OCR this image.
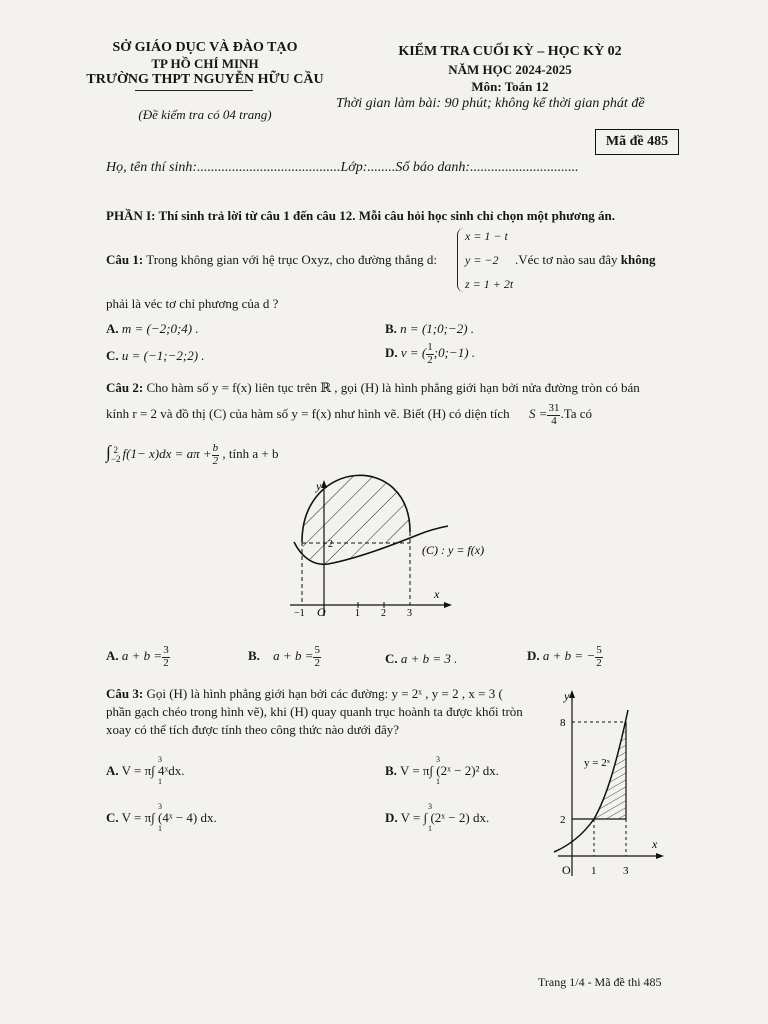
SỞ GIÁO DỤC VÀ ĐÀO TẠO
TP HỒ CHÍ MINH
TRƯỜNG THPT NGUYỄN HỮU CẦU
(Đề kiểm tra có 04 trang)
KIỂM TRA CUỐI KỲ – HỌC KỲ 02
NĂM HỌC 2024-2025
Môn: Toán 12
Thời gian làm bài: 90 phút; không kể thời gian phát đề
Mã đề 485
Họ, tên thí sinh:.........................................Lớp:........Số báo danh:...............................
PHẦN I: Thí sinh trả lời từ câu 1 đến câu 12. Mỗi câu hỏi học sinh chỉ chọn một phương án.
Câu 1: Trong không gian với hệ trục Oxyz, cho đường thẳng d:
x = 1 − t
y = −2
z = 1 + 2t
.Véc tơ nào sau đây không
phải là véc tơ chỉ phương của d ?
A. m = (−2;0;4) .	B. n = (1;0;−2) .
C. u = (−1;−2;2) .	D. v = ( $\frac{1}{2}$ ;0;−1) .
Câu 2: Cho hàm số y = f(x) liên tục trên ℝ , gọi (H) là hình phẳng giới hạn bởi nửa đường tròn có bán
kính r = 2 và đồ thị (C) của hàm số y = f(x) như hình vẽ. Biết (H) có diện tích $S = \frac{31}{4} .Ta$ có
∫ 2
−2 $f(1- x)dx = a\pi + \frac{b}{2}$ , tính a + b
y
x
O
−1	1 2 3
2	(C) : y = f(x)
A. $a + b = \frac{3}{2}$	B. $a + b = \frac{5}{2}$	C. a + b = 3 .	D. a + b = − $\frac{5}{2}$
Câu 3: Gọi (H) là hình phẳng giới hạn bởi các đường: y = 2ˣ , y = 2 , x = 3 (
phần gạch chéo trong hình vẽ), khi (H) quay quanh trục hoành ta được khối tròn
xoay có thể tích được tính theo công thức nào dưới đây?
A. V = π∫ 4ˣdx.
3
1
B. V = π∫ (2ˣ − 2)² dx.
3
1
C. V = π∫ (4ˣ − 4) dx.
3
1
D. V = ∫ (2ˣ − 2) dx.
3
1
y
x
O
8
2
1 3
y = 2ˣ
Trang 1/4 - Mã đề thi 485
